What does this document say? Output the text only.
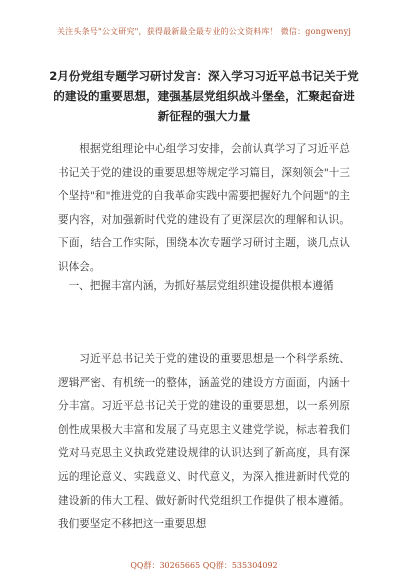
关注头条号"公文研究"，获得最新最全最专业的公文资料库！ 微信：gongwenyj
2月份党组专题学习研讨发言：深入学习习近平总书记关于党的建设的重要思想，建强基层党组织战斗堡垒，汇聚起奋进新征程的强大力量

根据党组理论中心组学习安排，会前认真学习了习近平总书记关于党的建设的重要思想等规定学习篇目，深刻领会"十三个坚持"和"推进党的自我革命实践中需要把握好九个问题"的主要内容，对加强新时代党的建设有了更深层次的理解和认识。下面，结合工作实际，围绕本次专题学习研讨主题，谈几点认识体会。

一、把握丰富内涵，为抓好基层党组织建设提供根本遵循

习近平总书记关于党的建设的重要思想是一个科学系统、逻辑严密、有机统一的整体，涵盖党的建设方方面面，内涵十分丰富。习近平总书记关于党的建设的重要思想，以一系列原创性成果极大丰富和发展了马克思主义建党学说，标志着我们党对马克思主义执政党建设规律的认识达到了新高度，具有深远的理论意义、实践意义、时代意义，为深入推进新时代党的建设新的伟大工程、做好新时代党组织工作提供了根本遵循。我们要坚定不移把这一重要思想

QQ群：30265665 QQ群：535304092
